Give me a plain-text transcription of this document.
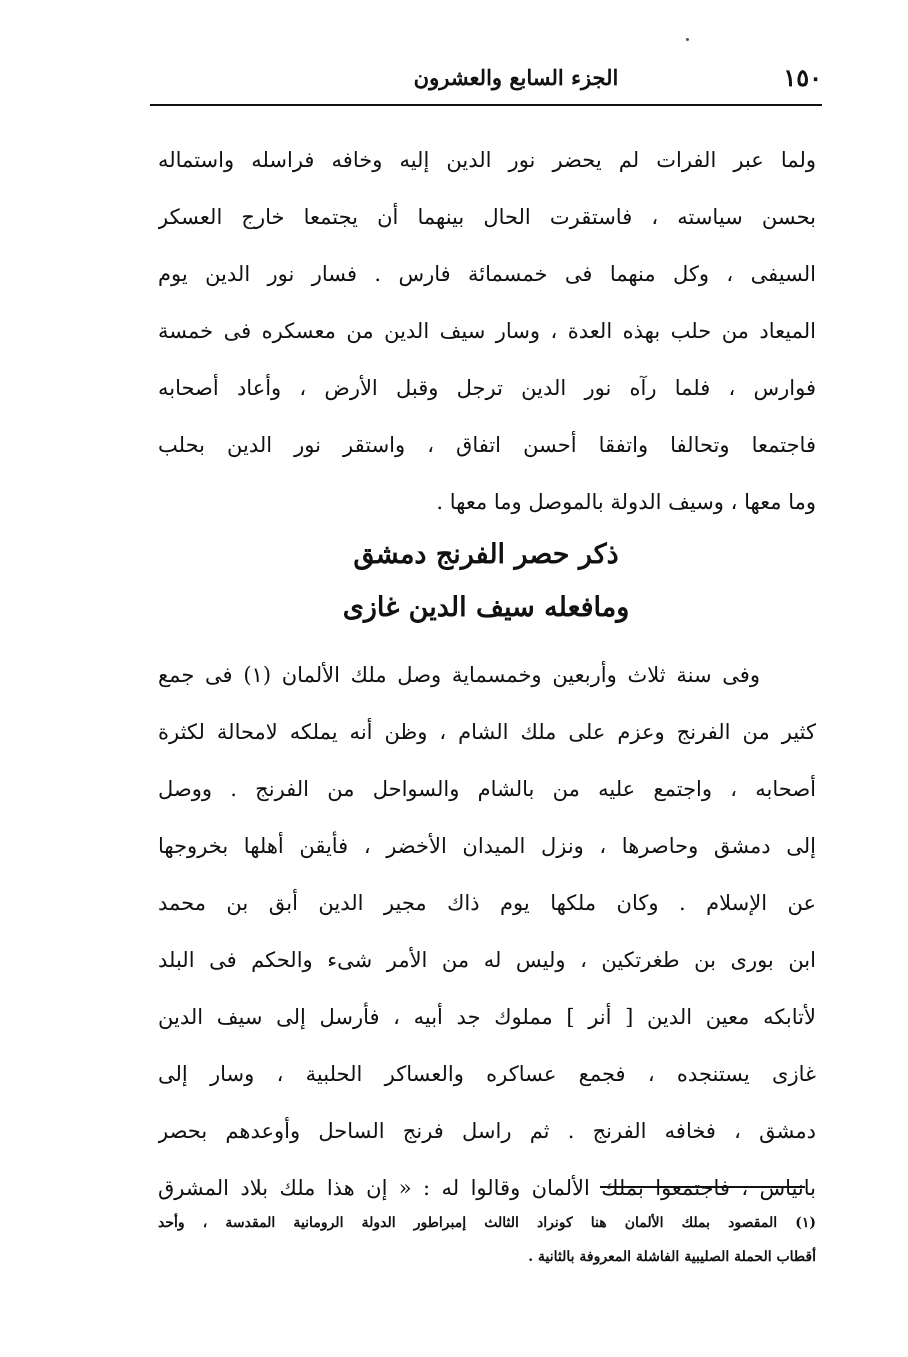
١٥٠
الجزء السابع والعشرون
ولما عبر الفرات لم يحضر نور الدين إليه وخافه فراسله واستماله
بحسن سياسته ، فاستقرت الحال بينهما أن يجتمعا خارج العسكر
السيفى ، وكل منهما فى خمسمائة فارس . فسار نور الدين يوم
الميعاد من حلب بهذه العدة ، وسار سيف الدين من معسكره فى خمسة
فوارس ، فلما رآه نور الدين ترجل وقبل الأرض ، وأعاد أصحابه
فاجتمعا وتحالفا واتفقا أحسن اتفاق ، واستقر نور الدين بحلب
وما معها ، وسيف الدولة بالموصل وما معها .
ذكر حصر الفرنج دمشق
ومافعله سيف الدين غازى
وفى سنة ثلاث وأربعين وخمسماية وصل ملك الألمان (١) فى جمع
كثير من الفرنج وعزم على ملك الشام ، وظن أنه يملكه لامحالة لكثرة
أصحابه ، واجتمع عليه من بالشام والسواحل من الفرنج . ووصل
إلى دمشق وحاصرها ، ونزل الميدان الأخضر ، فأيقن أهلها بخروجها
عن الإسلام . وكان ملكها يوم ذاك مجير الدين أبق بن محمد
ابن بورى بن طغرتكين ، وليس له من الأمر شىء والحكم فى البلد
لأتابكه معين الدين [ أنر ] مملوك جد أبيه ، فأرسل إلى سيف الدين
غازى يستنجده ، فجمع عساكره والعساكر الحلبية ، وسار إلى
دمشق ، فخافه الفرنج . ثم راسل فرنج الساحل وأوعدهم بحصر
بانياس ، فاجتمعوا بملك الألمان وقالوا له : « إن هذا ملك بلاد المشرق
(١) المقصود بملك الألمان هنا كونراد الثالث إمبراطور الدولة الرومانية المقدسة ، وأحد
أقطاب الحملة الصليبية الفاشلة المعروفة بالثانية .
